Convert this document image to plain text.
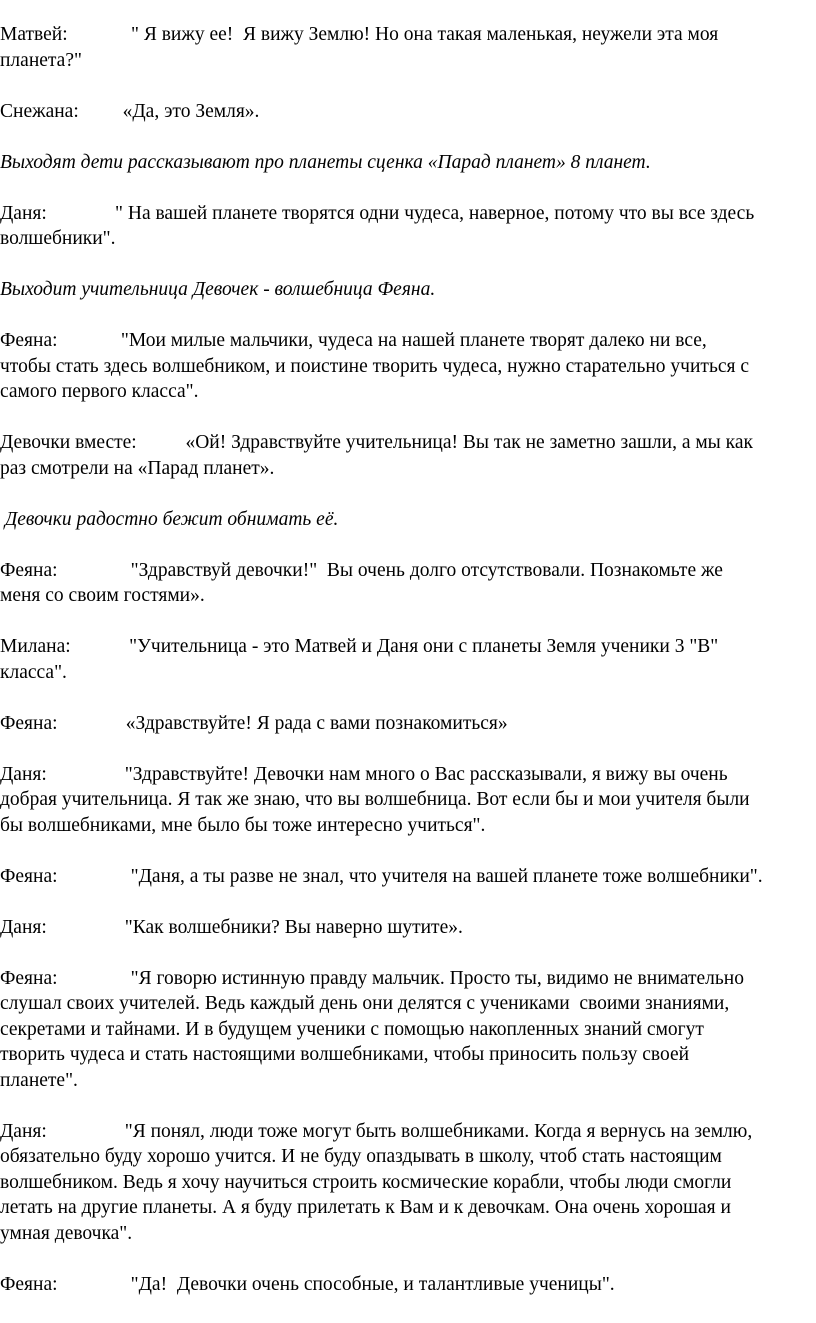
Матвей:             " Я вижу ее!  Я вижу Землю! Но она такая маленькая, неужели эта моя
планета?"

Снежана:         «Да, это Земля».

Выходят дети рассказывают про планеты сценка «Парад планет» 8 планет.

Даня:              " На вашей планете творятся одни чудеса, наверное, потому что вы все здесь
волшебники".

Выходит учительница Девочек - волшебница Феяна.

Феяна:             "Мои милые мальчики, чудеса на нашей планете творят далеко ни все,
чтобы стать здесь волшебником, и поистине творить чудеса, нужно старательно учиться с
самого первого класса".

Девочки вместе:          «Ой! Здравствуйте учительница! Вы так не заметно зашли, а мы как
раз смотрели на «Парад планет».

Девочки радостно бежит обнимать её.

Феяна:               "Здравствуй девочки!"  Вы очень долго отсутствовали. Познакомьте же
меня со своим гостями».

Милана:            "Учительница - это Матвей и Даня они с планеты Земля ученики 3 "В"
класса".

Феяна:              «Здравствуйте! Я рада с вами познакомиться»

Даня:                "Здравствуйте! Девочки нам много о Вас рассказывали, я вижу вы очень
добрая учительница. Я так же знаю, что вы волшебница. Вот если бы и мои учителя были
бы волшебниками, мне было бы тоже интересно учиться".

Феяна:               "Даня, а ты разве не знал, что учителя на вашей планете тоже волшебники".

Даня:                "Как волшебники? Вы наверно шутите».

Феяна:               "Я говорю истинную правду мальчик. Просто ты, видимо не внимательно
слушал своих учителей. Ведь каждый день они делятся с учениками  своими знаниями,
секретами и тайнами. И в будущем ученики с помощью накопленных знаний смогут
творить чудеса и стать настоящими волшебниками, чтобы приносить пользу своей
планете".

Даня:                "Я понял, люди тоже могут быть волшебниками. Когда я вернусь на землю,
обязательно буду хорошо учится. И не буду опаздывать в школу, чтоб стать настоящим
волшебником. Ведь я хочу научиться строить космические корабли, чтобы люди смогли
летать на другие планеты. А я буду прилетать к Вам и к девочкам. Она очень хорошая и
умная девочка".

Феяна:               "Да!  Девочки очень способные, и талантливые ученицы".
